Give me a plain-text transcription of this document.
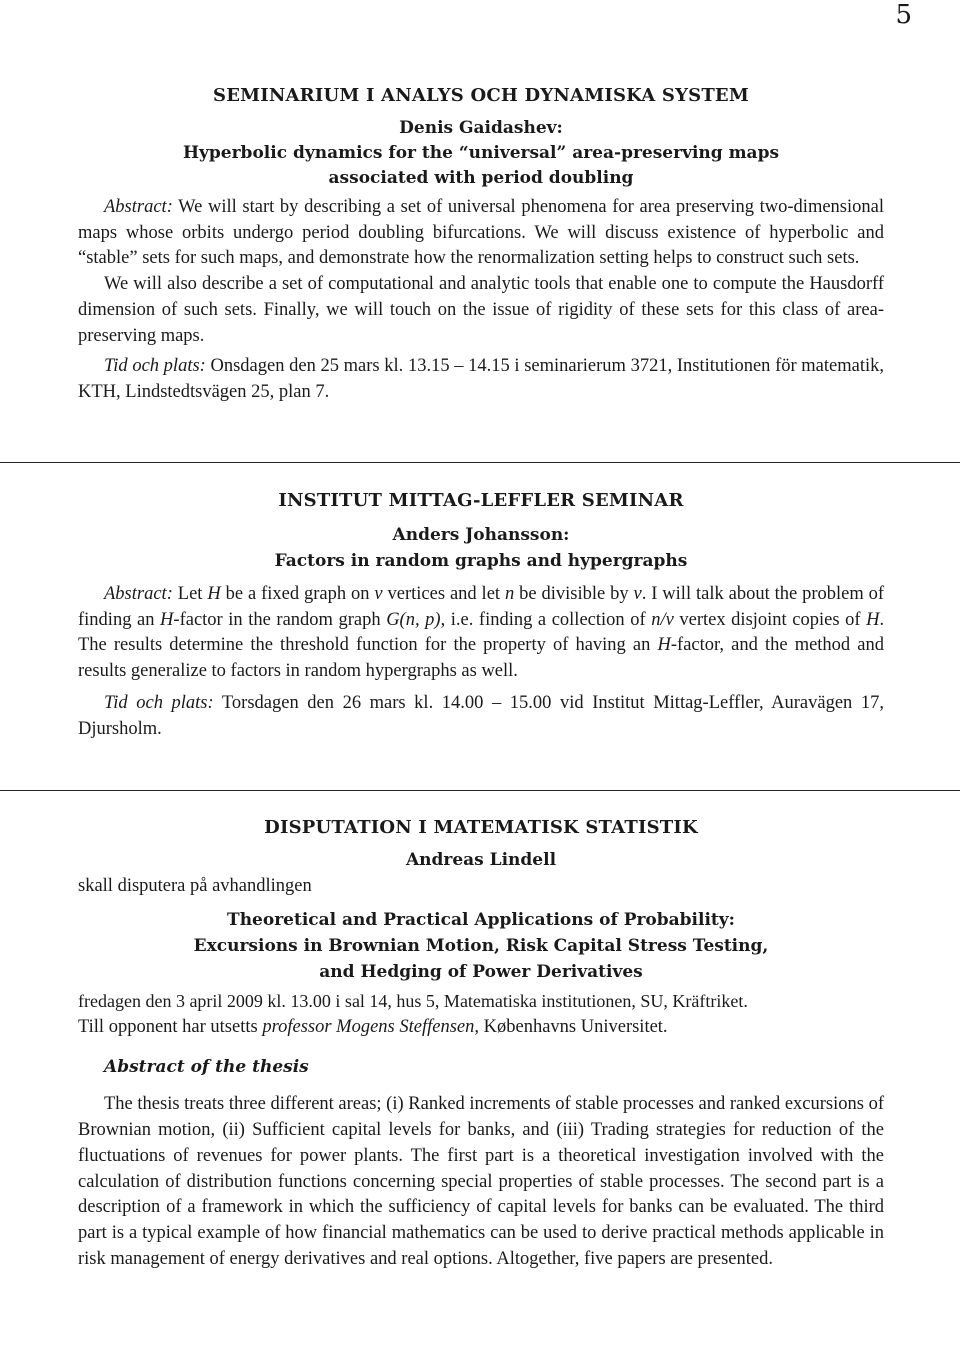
5
SEMINARIUM I ANALYS OCH DYNAMISKA SYSTEM
Denis Gaidashev:
Hyperbolic dynamics for the “universal” area-preserving maps
associated with period doubling

Abstract: We will start by describing a set of universal phenomena for area preserving two-dimensional maps whose orbits undergo period doubling bifurcations. We will discuss existence of hyperbolic and “stable” sets for such maps, and demonstrate how the renormalization setting helps to construct such sets.

We will also describe a set of computational and analytic tools that enable one to compute the Hausdorff dimension of such sets. Finally, we will touch on the issue of rigidity of these sets for this class of area-preserving maps.

Tid och plats: Onsdagen den 25 mars kl. 13.15 – 14.15 i seminarierum 3721, Institutionen för matematik, KTH, Lindstedtsvägen 25, plan 7.

INSTITUT MITTAG-LEFFLER SEMINAR
Anders Johansson:
Factors in random graphs and hypergraphs

Abstract: Let H be a fixed graph on ν vertices and let n be divisible by ν. I will talk about the problem of finding an H-factor in the random graph G(n, p), i.e. finding a collection of n/ν vertex disjoint copies of H. The results determine the threshold function for the property of having an H-factor, and the method and results generalize to factors in random hypergraphs as well.

Tid och plats: Torsdagen den 26 mars kl. 14.00 – 15.00 vid Institut Mittag-Leffler, Auravägen 17, Djursholm.

DISPUTATION I MATEMATISK STATISTIK
Andreas Lindell

skall disputera på avhandlingen

Theoretical and Practical Applications of Probability:
Excursions in Brownian Motion, Risk Capital Stress Testing,
and Hedging of Power Derivatives

fredagen den 3 april 2009 kl. 13.00 i sal 14, hus 5, Matematiska institutionen, SU, Kräftriket.

Till opponent har utsetts professor Mogens Steffensen, Københavns Universitet.

Abstract of the thesis

The thesis treats three different areas; (i) Ranked increments of stable processes and ranked excursions of Brownian motion, (ii) Sufficient capital levels for banks, and (iii) Trading strategies for reduction of the fluctuations of revenues for power plants. The first part is a theoretical investigation involved with the calculation of distribution functions concerning special properties of stable processes. The second part is a description of a framework in which the sufficiency of capital levels for banks can be evaluated. The third part is a typical example of how financial mathematics can be used to derive practical methods applicable in risk management of energy derivatives and real options. Altogether, five papers are presented.
